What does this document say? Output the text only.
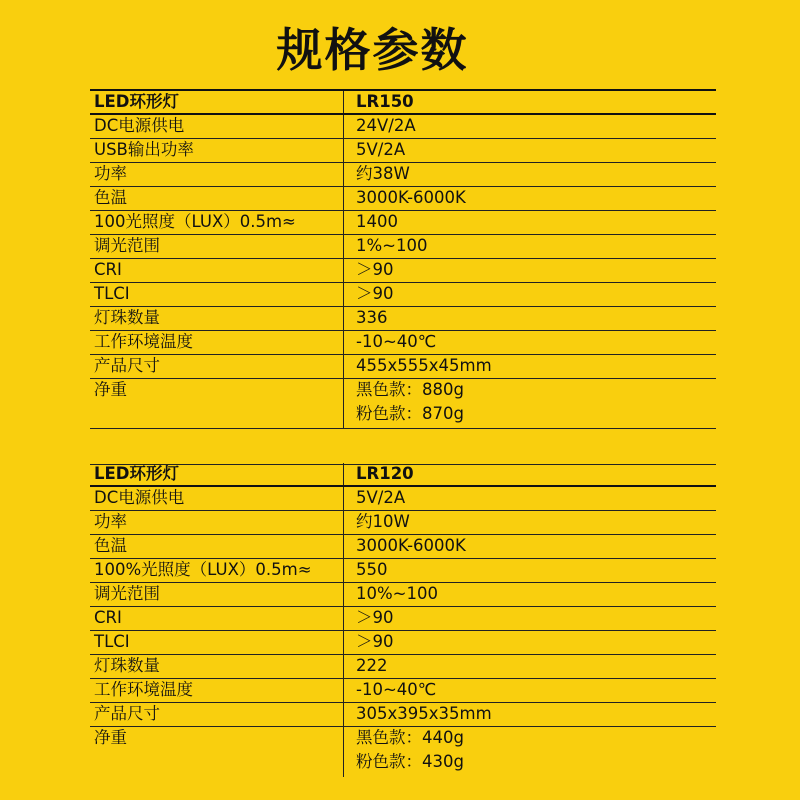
规格参数
LED环形灯	LR150
DC电源供电	24V/2A
USB输出功率	5V/2A
功率	约38W
色温	3000K-6000K
100光照度（LUX）0.5m≈	1400
调光范围	1%~100
CRI	＞90
TLCI	＞90
灯珠数量	336
工作环境温度	-10~40℃
产品尺寸	455x555x45mm
净重	黑色款：880g
粉色款：870g
LED环形灯	LR120
DC电源供电	5V/2A
功率	约10W
色温	3000K-6000K
100%光照度（LUX）0.5m≈	550
调光范围	10%~100
CRI	＞90
TLCI	＞90
灯珠数量	222
工作环境温度	-10~40℃
产品尺寸	305x395x35mm
净重	黑色款：440g
粉色款：430g
